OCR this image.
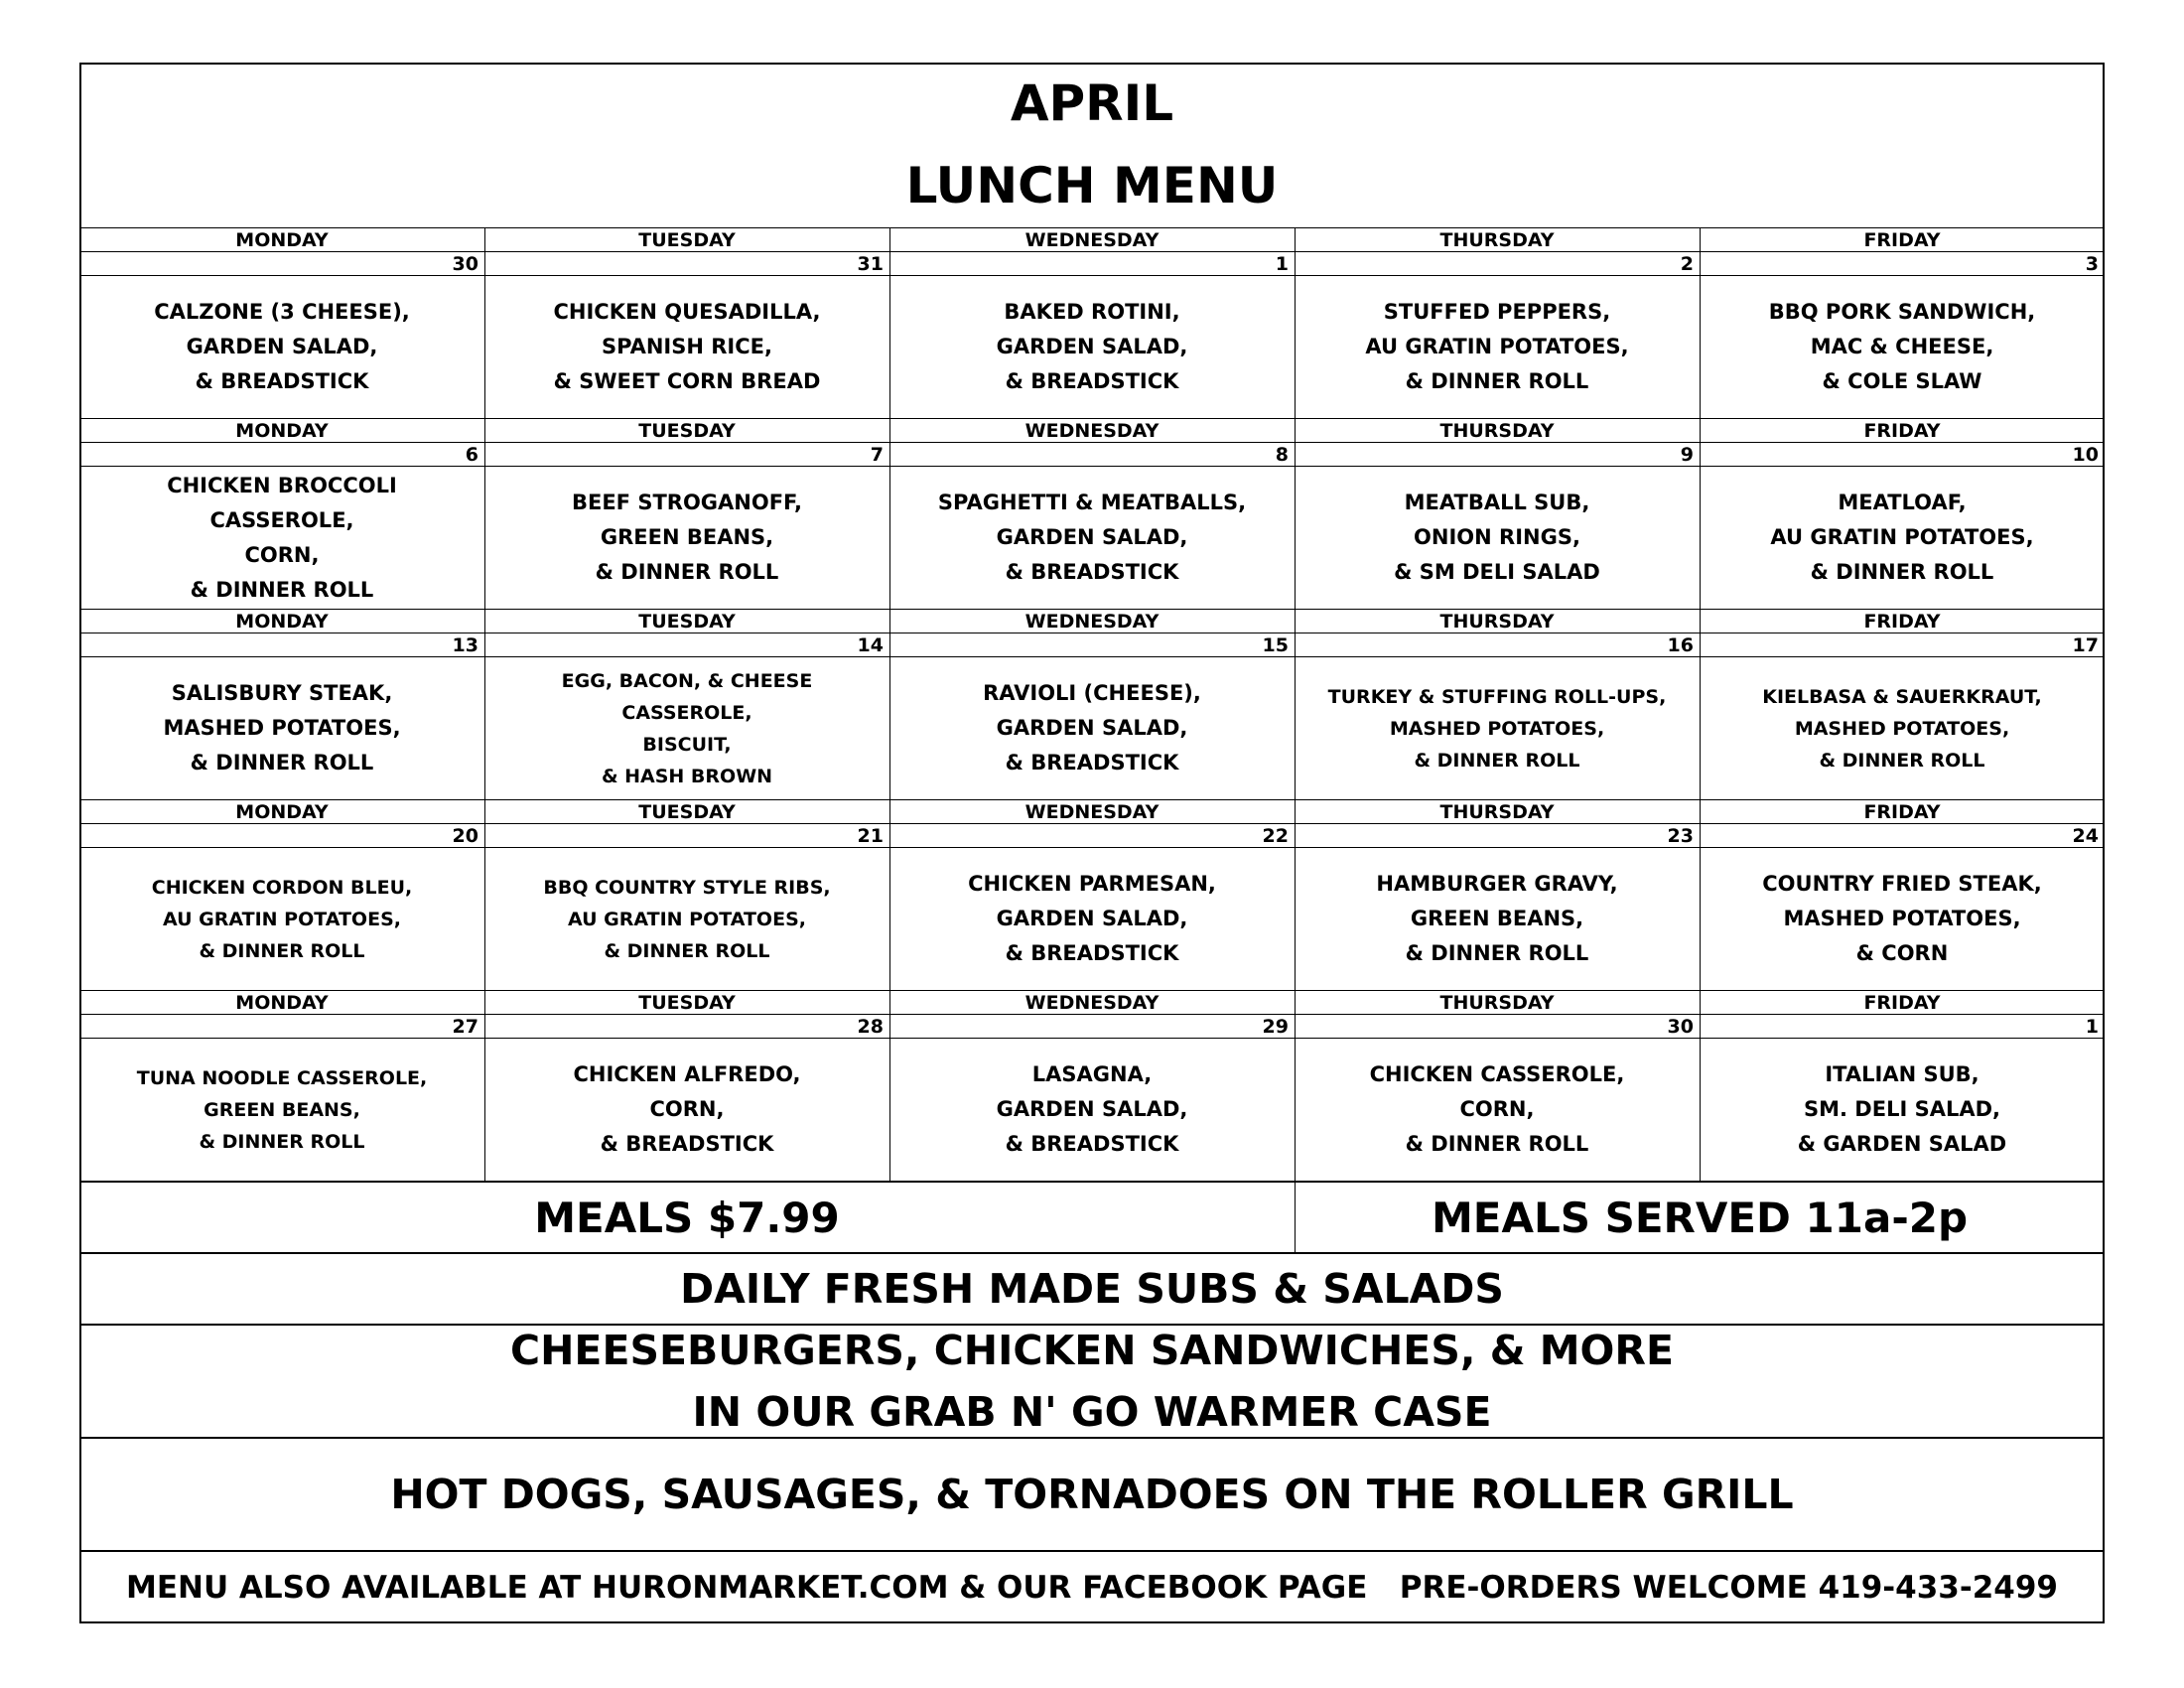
APRIL
LUNCH MENU
MONDAY
30
CALZONE (3 CHEESE),
GARDEN SALAD,
& BREADSTICK
TUESDAY
31
CHICKEN QUESADILLA,
SPANISH RICE,
& SWEET CORN BREAD
WEDNESDAY
1
BAKED ROTINI,
GARDEN SALAD,
& BREADSTICK
THURSDAY
2
STUFFED PEPPERS,
AU GRATIN POTATOES,
& DINNER ROLL
FRIDAY
3
BBQ PORK SANDWICH,
MAC & CHEESE,
& COLE SLAW
MONDAY
6
CHICKEN BROCCOLI
CASSEROLE,
CORN,
& DINNER ROLL
TUESDAY
7
BEEF STROGANOFF,
GREEN BEANS,
& DINNER ROLL
WEDNESDAY
8
SPAGHETTI & MEATBALLS,
GARDEN SALAD,
& BREADSTICK
THURSDAY
9
MEATBALL SUB,
ONION RINGS,
& SM DELI SALAD
FRIDAY
10
MEATLOAF,
AU GRATIN POTATOES,
& DINNER ROLL
MONDAY
13
SALISBURY STEAK,
MASHED POTATOES,
& DINNER ROLL
TUESDAY
14
EGG, BACON, & CHEESE
CASSEROLE,
BISCUIT,
& HASH BROWN
WEDNESDAY
15
RAVIOLI (CHEESE),
GARDEN SALAD,
& BREADSTICK
THURSDAY
16
TURKEY & STUFFING ROLL-UPS,
MASHED POTATOES,
& DINNER ROLL
FRIDAY
17
KIELBASA & SAUERKRAUT,
MASHED POTATOES,
& DINNER ROLL
MONDAY
20
CHICKEN CORDON BLEU,
AU GRATIN POTATOES,
& DINNER ROLL
TUESDAY
21
BBQ COUNTRY STYLE RIBS,
AU GRATIN POTATOES,
& DINNER ROLL
WEDNESDAY
22
CHICKEN PARMESAN,
GARDEN SALAD,
& BREADSTICK
THURSDAY
23
HAMBURGER GRAVY,
GREEN BEANS,
& DINNER ROLL
FRIDAY
24
COUNTRY FRIED STEAK,
MASHED POTATOES,
& CORN
MONDAY
27
TUNA NOODLE CASSEROLE,
GREEN BEANS,
& DINNER ROLL
TUESDAY
28
CHICKEN ALFREDO,
CORN,
& BREADSTICK
WEDNESDAY
29
LASAGNA,
GARDEN SALAD,
& BREADSTICK
THURSDAY
30
CHICKEN CASSEROLE,
CORN,
& DINNER ROLL
FRIDAY
1
ITALIAN SUB,
SM. DELI SALAD,
& GARDEN SALAD
MEALS $7.99	MEALS SERVED 11a-2p
DAILY FRESH MADE SUBS & SALADS
CHEESEBURGERS, CHICKEN SANDWICHES, & MORE
IN OUR GRAB N' GO WARMER CASE
HOT DOGS, SAUSAGES, & TORNADOES ON THE ROLLER GRILL
MENU ALSO AVAILABLE AT HURONMARKET.COM & OUR FACEBOOK PAGE   PRE-ORDERS WELCOME 419-433-2499
